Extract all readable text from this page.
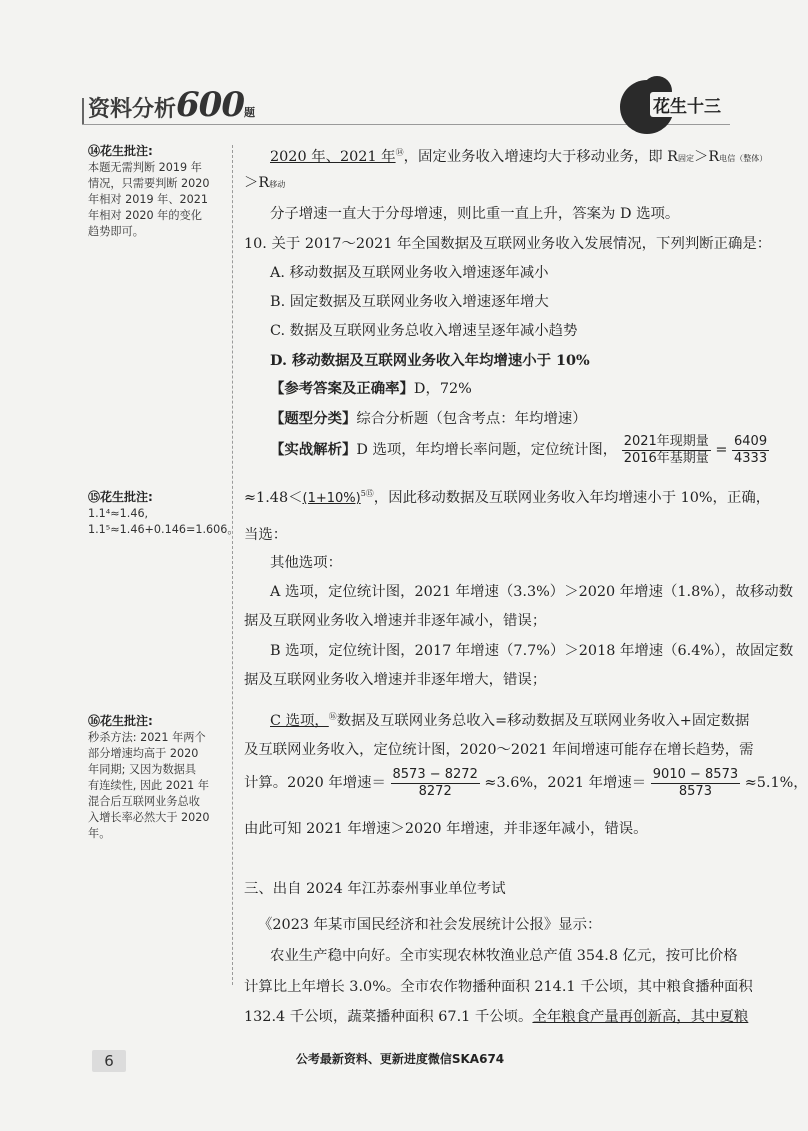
资料分析600题	花生十三
⑭花生批注:
本题无需判断 2019 年
情况，只需要判断 2020
年相对 2019 年、2021
年相对 2020 年的变化
趋势即可。
⑮花生批注:
1.1⁴≈1.46,
1.1⁵≈1.46+0.146=1.606。
⑯花生批注:
秒杀方法: 2021 年两个
部分增速均高于 2020
年同期; 又因为数据具
有连续性, 因此 2021 年
混合后互联网业务总收
入增长率必然大于 2020
年。
2020 年、2021 年⑭，固定业务收入增速均大于移动业务，即 R固定＞R电信（整体）
＞R移动
分子增速一直大于分母增速，则比重一直上升，答案为 D 选项。
10. 关于 2017～2021 年全国数据及互联网业务收入发展情况，下列判断正确是：
A. 移动数据及互联网业务收入增速逐年减小
B. 固定数据及互联网业务收入增速逐年增大
C. 数据及互联网业务总收入增速呈逐年减小趋势
D. 移动数据及互联网业务收入年均增速小于 10%
【参考答案及正确率】D，72%
【题型分类】综合分析题（包含考点：年均增速）
【实战解析】D 选项，年均增长率问题，定位统计图， $\frac{\text{2021年现期量}}{\text{2016年基期量}} = \frac{6409}{4333}$
$\approx 1.48<(1+10\%)^{5⑮}$，因此移动数据及互联网业务收入年均增速小于 10%，正确，
当选：
其他选项：
A 选项，定位统计图，2021 年增速（3.3%）＞2020 年增速（1.8%），故移动数
据及互联网业务收入增速并非逐年减小，错误；
B 选项，定位统计图，2017 年增速（7.7%）＞2018 年增速（6.4%），故固定数
据及互联网业务收入增速并非逐年增大，错误；
C 选项，⑯数据及互联网业务总收入=移动数据及互联网业务收入+固定数据
及互联网业务收入，定位统计图，2020～2021 年间增速可能存在增长趋势，需
计算。2020 年增速＝ $\frac{8573 - 8272}{8272} \approx 3.6\%$，2021 年增速＝ $\frac{9010 - 8573}{8573} \approx 5.1\%$，
由此可知 2021 年增速＞2020 年增速，并非逐年减小，错误。
三、出自 2024 年江苏泰州事业单位考试
《2023 年某市国民经济和社会发展统计公报》显示：
农业生产稳中向好。全市实现农林牧渔业总产值 354.8 亿元，按可比价格
计算比上年增长 3.0%。全市农作物播种面积 214.1 千公顷，其中粮食播种面积
132.4 千公顷，蔬菜播种面积 67.1 千公顷。全年粮食产量再创新高，其中夏粮
6	公考最新资料、更新进度微信SKA674
